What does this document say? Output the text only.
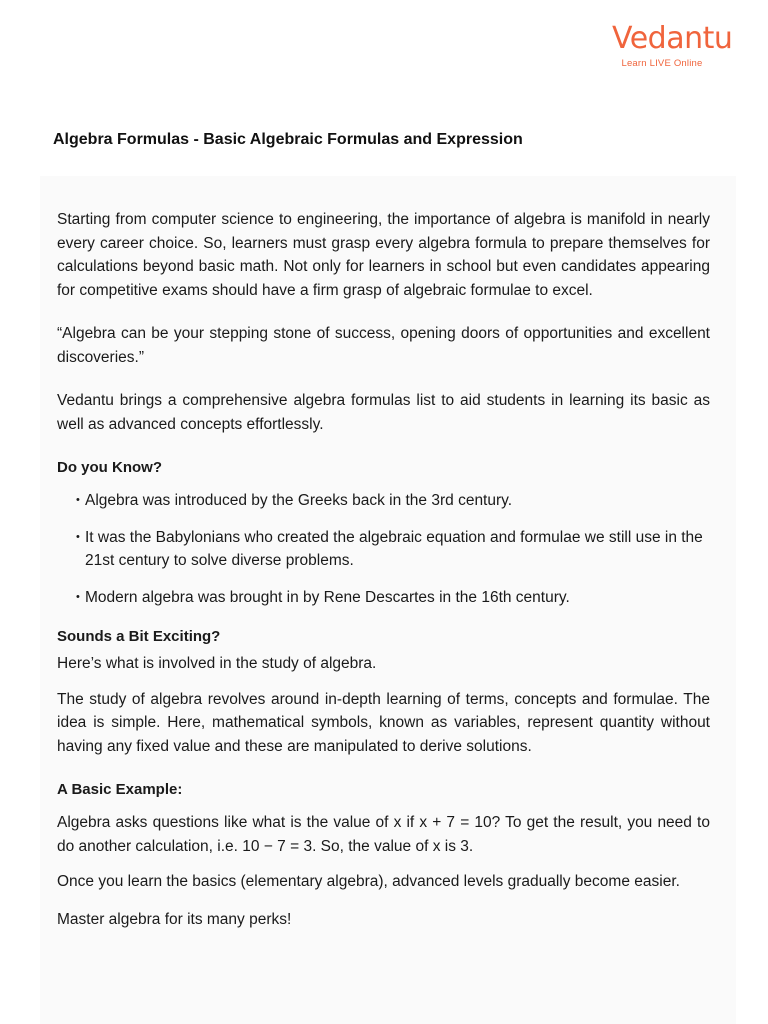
Vedantu
Learn LIVE Online
Algebra Formulas - Basic Algebraic Formulas and Expression

Starting from computer science to engineering, the importance of algebra is manifold in nearly every career choice. So, learners must grasp every algebra formula to prepare themselves for calculations beyond basic math. Not only for learners in school but even candidates appearing for competitive exams should have a firm grasp of algebraic formulae to excel.

“Algebra can be your stepping stone of success, opening doors of opportunities and excellent discoveries.”

Vedantu brings a comprehensive algebra formulas list to aid students in learning its basic as well as advanced concepts effortlessly.

Do you Know?
• Algebra was introduced by the Greeks back in the 3rd century.
• It was the Babylonians who created the algebraic equation and formulae we still use in the 21st century to solve diverse problems.
• Modern algebra was brought in by Rene Descartes in the 16th century.
Sounds a Bit Exciting?

Here’s what is involved in the study of algebra.

The study of algebra revolves around in-depth learning of terms, concepts and formulae. The idea is simple. Here, mathematical symbols, known as variables, represent quantity without having any fixed value and these are manipulated to derive solutions.

A Basic Example:

Algebra asks questions like what is the value of x if x + 7 = 10? To get the result, you need to do another calculation, i.e. 10 − 7 = 3. So, the value of x is 3.

Once you learn the basics (elementary algebra), advanced levels gradually become easier.

Master algebra for its many perks!
